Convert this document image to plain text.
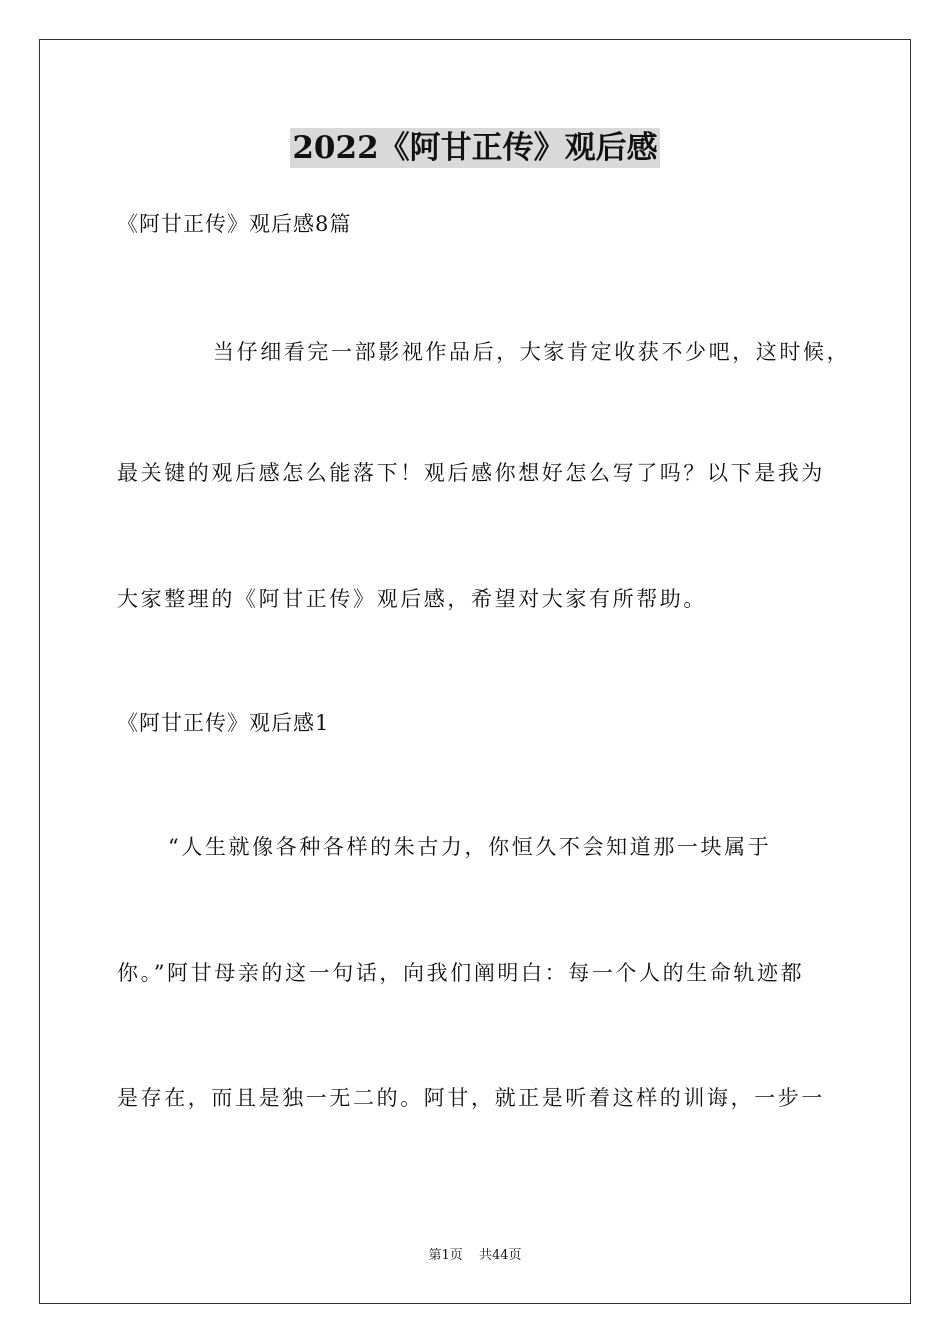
2022《阿甘正传》观后感
《阿甘正传》观后感8篇
当仔细看完一部影视作品后，大家肯定收获不少吧，这时候，
最关键的观后感怎么能落下！观后感你想好怎么写了吗？以下是我为
大家整理的《阿甘正传》观后感，希望对大家有所帮助。
《阿甘正传》观后感1
“人生就像各种各样的朱古力，你恒久不会知道那一块属于
你。”阿甘母亲的这一句话，向我们阐明白：每一个人的生命轨迹都
是存在，而且是独一无二的。阿甘，就正是听着这样的训诲，一步一
第1页 共44页
